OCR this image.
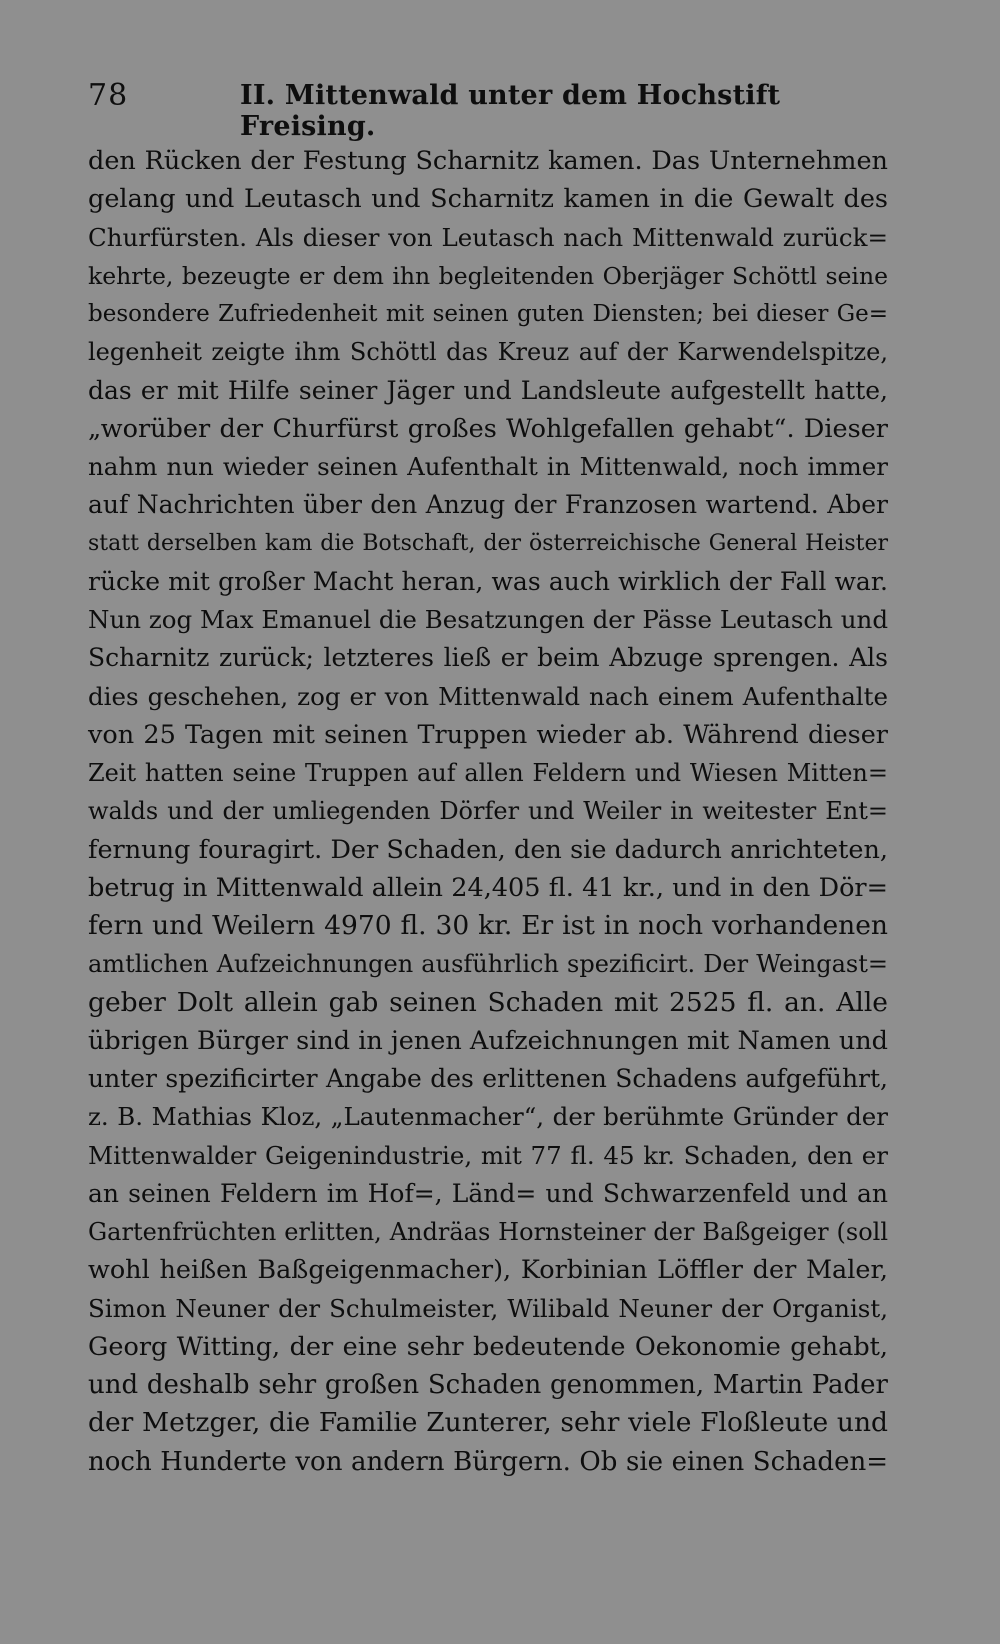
78	II. Mittenwald unter dem Hochstift Freising.
den Rücken der Festung Scharnitz kamen. Das Unternehmen
gelang und Leutasch und Scharnitz kamen in die Gewalt des
Churfürsten. Als dieser von Leutasch nach Mittenwald zurück=
kehrte, bezeugte er dem ihn begleitenden Oberjäger Schöttl seine
besondere Zufriedenheit mit seinen guten Diensten; bei dieser Ge=
legenheit zeigte ihm Schöttl das Kreuz auf der Karwendelspitze,
das er mit Hilfe seiner Jäger und Landsleute aufgestellt hatte,
„worüber der Churfürst großes Wohlgefallen gehabt“. Dieser
nahm nun wieder seinen Aufenthalt in Mittenwald, noch immer
auf Nachrichten über den Anzug der Franzosen wartend. Aber
statt derselben kam die Botschaft, der österreichische General Heister
rücke mit großer Macht heran, was auch wirklich der Fall war.
Nun zog Max Emanuel die Besatzungen der Pässe Leutasch und
Scharnitz zurück; letzteres ließ er beim Abzuge sprengen. Als
dies geschehen, zog er von Mittenwald nach einem Aufenthalte
von 25 Tagen mit seinen Truppen wieder ab. Während dieser
Zeit hatten seine Truppen auf allen Feldern und Wiesen Mitten=
walds und der umliegenden Dörfer und Weiler in weitester Ent=
fernung fouragirt. Der Schaden, den sie dadurch anrichteten,
betrug in Mittenwald allein 24,405 fl. 41 kr., und in den Dör=
fern und Weilern 4970 fl. 30 kr. Er ist in noch vorhandenen
amtlichen Aufzeichnungen ausführlich spezificirt. Der Weingast=
geber Dolt allein gab seinen Schaden mit 2525 fl. an. Alle
übrigen Bürger sind in jenen Aufzeichnungen mit Namen und
unter spezificirter Angabe des erlittenen Schadens aufgeführt,
z. B. Mathias Kloz, „Lautenmacher“, der berühmte Gründer der
Mittenwalder Geigenindustrie, mit 77 fl. 45 kr. Schaden, den er
an seinen Feldern im Hof=, Länd= und Schwarzenfeld und an
Gartenfrüchten erlitten, Andräas Hornsteiner der Baßgeiger (soll
wohl heißen Baßgeigenmacher), Korbinian Löffler der Maler,
Simon Neuner der Schulmeister, Wilibald Neuner der Organist,
Georg Witting, der eine sehr bedeutende Oekonomie gehabt,
und deshalb sehr großen Schaden genommen, Martin Pader
der Metzger, die Familie Zunterer, sehr viele Floßleute und
noch Hunderte von andern Bürgern. Ob sie einen Schaden=
